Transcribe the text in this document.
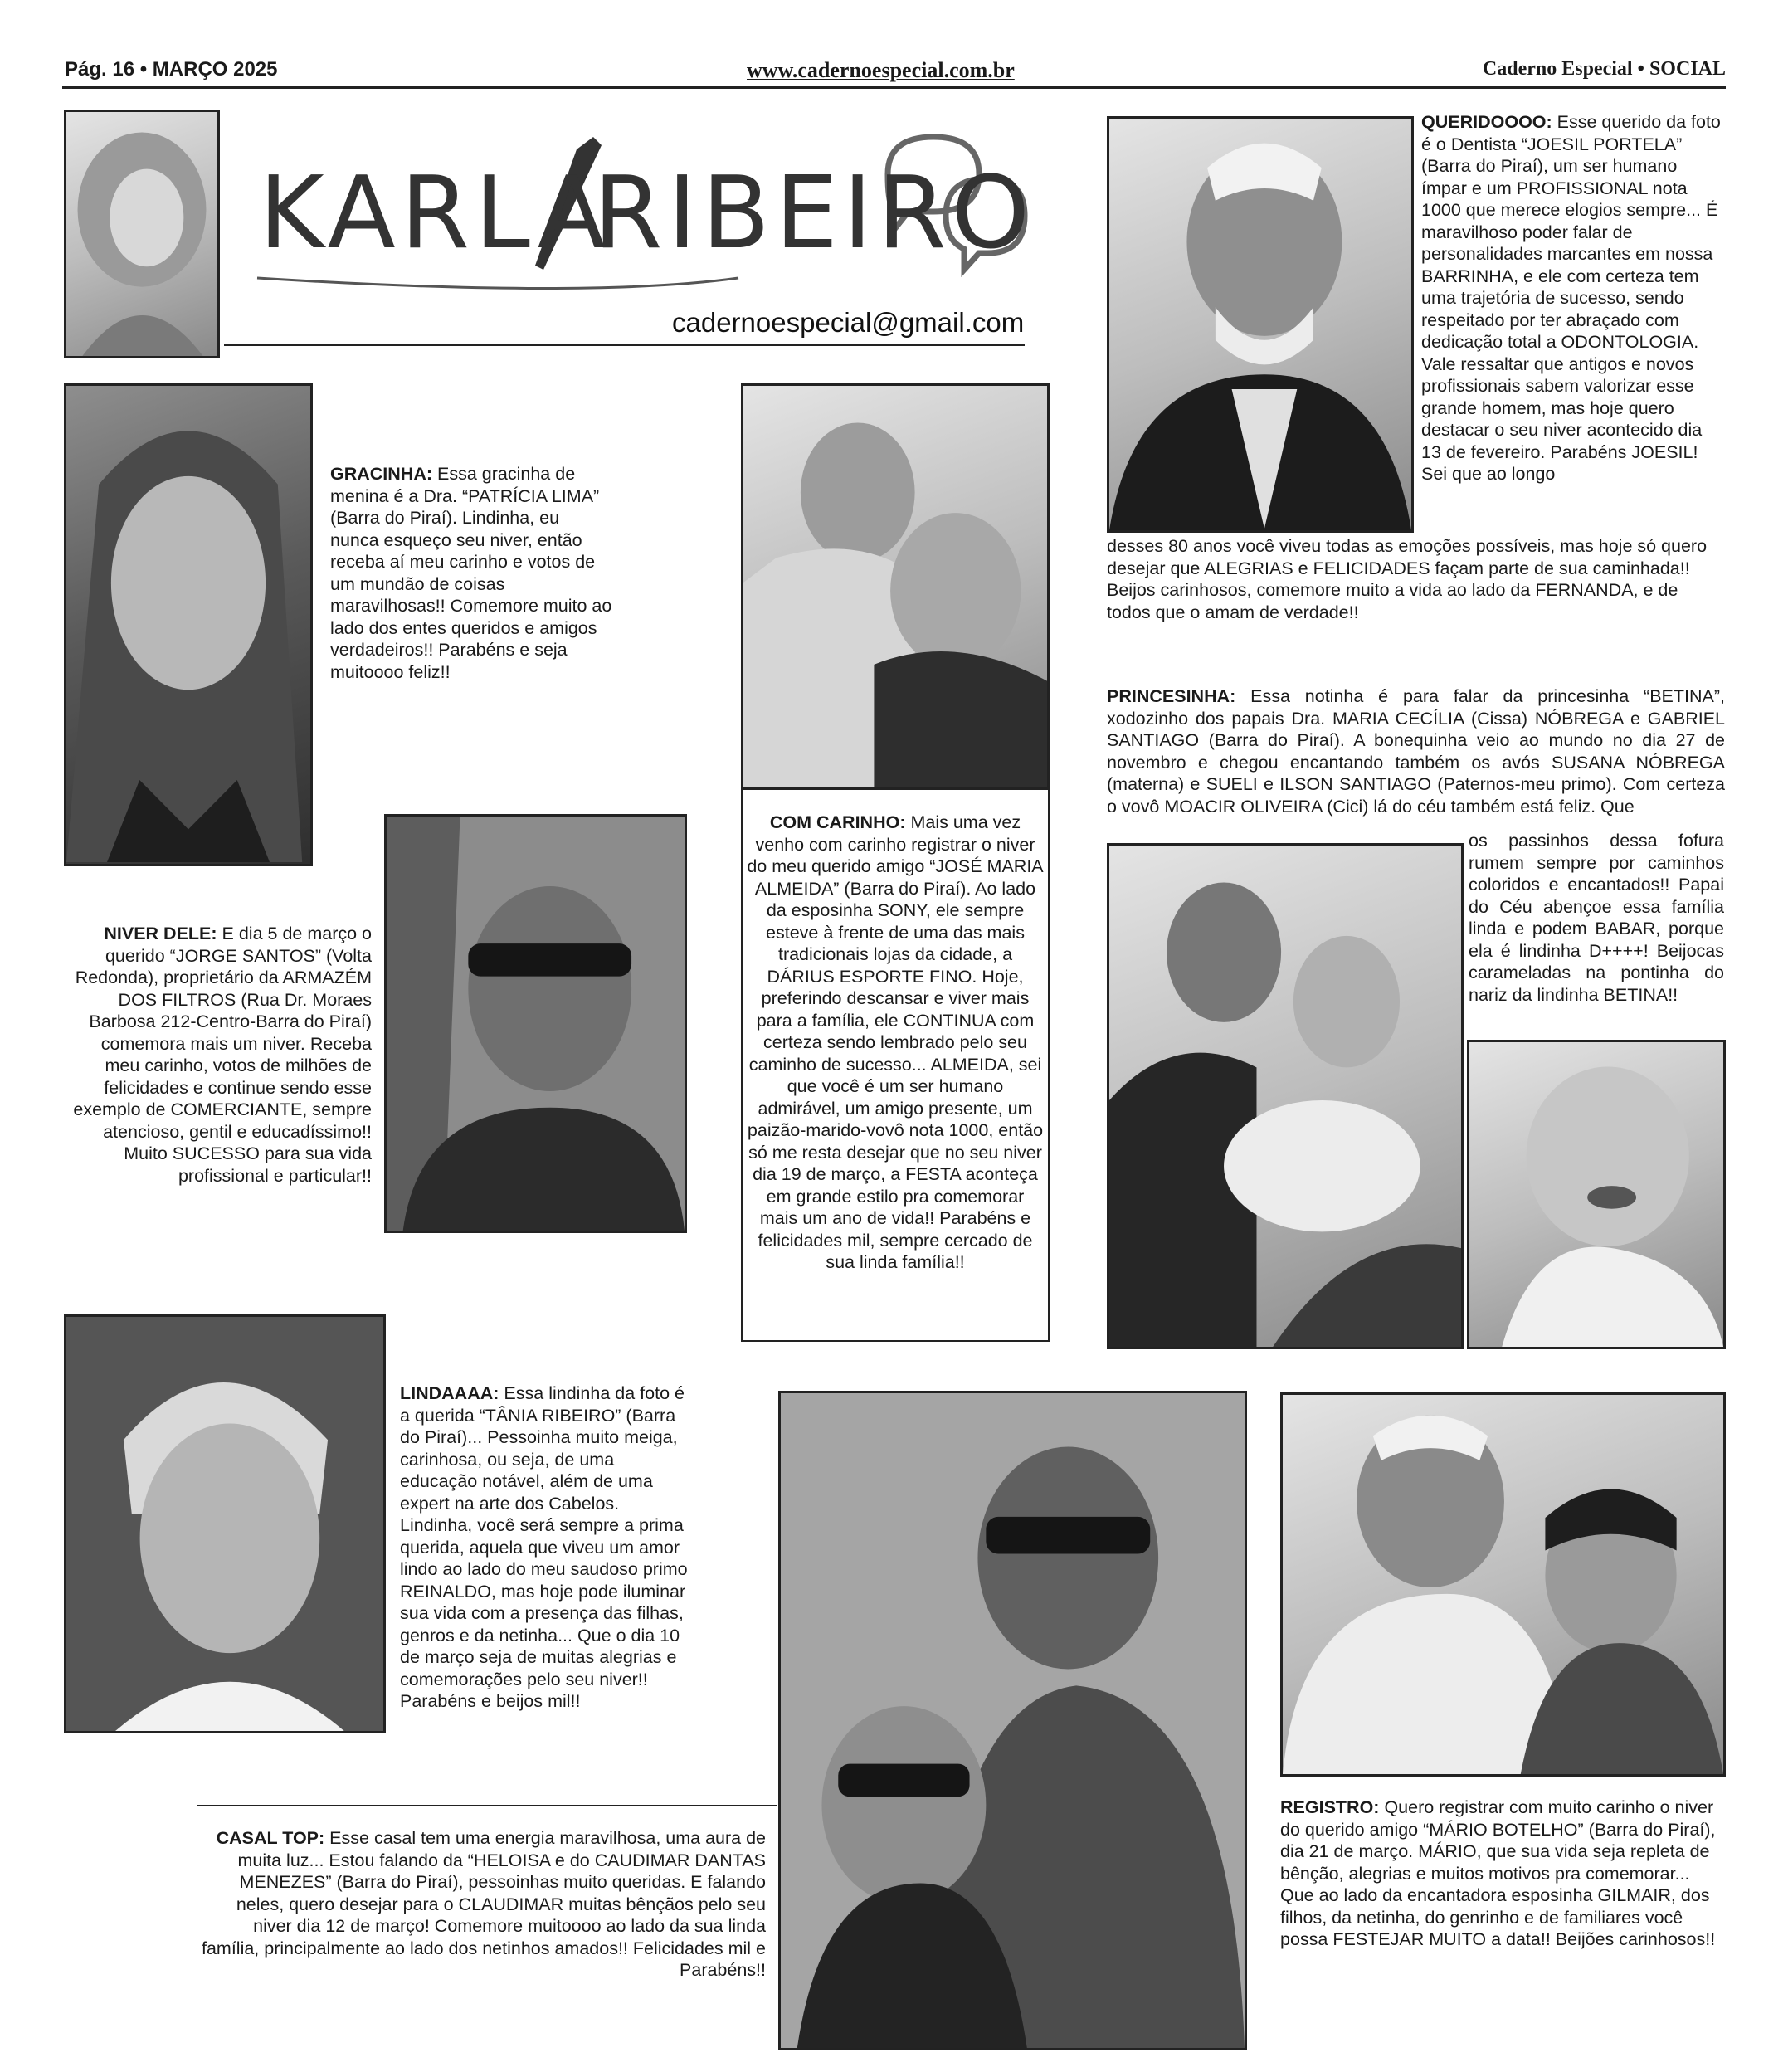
Pág. 16 • MARÇO 2025	www.cadernoespecial.com.br	Caderno Especial • SOCIAL
KARLA
RIBEIRO
cadernoespecial@gmail.com
GRACINHA: Essa gracinha de menina é a Dra. “PATRÍCIA LIMA” (Barra do Piraí). Lindinha, eu nunca esqueço seu niver, então receba aí meu carinho e votos de um mundão de coisas maravilhosas!! Comemore muito ao lado dos entes queridos e amigos verdadeiros!! Parabéns e seja muitoooo feliz!!
NIVER DELE: E dia 5 de março o querido “JORGE SANTOS” (Volta Redonda), proprietário da ARMAZÉM DOS FILTROS (Rua Dr. Moraes Barbosa 212-Centro-Barra do Piraí) comemora mais um niver. Receba meu carinho, votos de milhões de felicidades e continue sendo esse exemplo de COMERCIANTE, sempre atencioso, gentil e educadíssimo!! Muito SUCESSO para sua vida profissional e particular!!
COM CARINHO: Mais uma vez venho com carinho registrar o niver do meu querido amigo “JOSÉ MARIA ALMEIDA” (Barra do Piraí). Ao lado da esposinha SONY, ele sempre esteve à frente de uma das mais tradicionais lojas da cidade, a DÁRIUS ESPORTE FINO. Hoje, preferindo descansar e viver mais para a família, ele CONTINUA com certeza sendo lembrado pelo seu caminho de sucesso... ALMEIDA, sei que você é um ser humano admirável, um amigo presente, um paizão-marido-vovô nota 1000, então só me resta desejar que no seu niver dia 19 de março, a FESTA aconteça em grande estilo pra comemorar mais um ano de vida!! Parabéns e felicidades mil, sempre cercado de sua linda família!!
QUERIDOOOO: Esse querido da foto é o Dentista “JOESIL PORTELA” (Barra do Piraí), um ser humano ímpar e um PROFISSIONAL nota 1000 que merece elogios sempre... É maravilhoso poder falar de personalidades marcantes em nossa BARRINHA, e ele com certeza tem uma trajetória de sucesso, sendo respeitado por ter abraçado com dedicação total a ODONTOLOGIA. Vale ressaltar que antigos e novos profissionais sabem valorizar esse grande homem, mas hoje quero destacar o seu niver acontecido dia 13 de fevereiro. Parabéns JOESIL! Sei que ao longo
desses 80 anos você viveu todas as emoções possíveis, mas hoje só quero desejar que ALEGRIAS e FELICIDADES façam parte de sua caminhada!! Beijos carinhosos, comemore muito a vida ao lado da FERNANDA, e de todos que o amam de verdade!!
PRINCESINHA: Essa notinha é para falar da princesinha “BETINA”, xodozinho dos papais Dra. MARIA CECÍLIA (Cissa) NÓBREGA e GABRIEL SANTIAGO (Barra do Piraí). A bonequinha veio ao mundo no dia 27 de novembro e chegou encantando também os avós SUSANA NÓBREGA (materna) e SUELI e ILSON SANTIAGO (Paternos-meu primo). Com certeza o vovô MOACIR OLIVEIRA (Cici) lá do céu também está feliz. Que
os passinhos dessa fofura rumem sempre por caminhos coloridos e encantados!! Papai do Céu abençoe essa família linda e podem BABAR, porque ela é lindinha D++++! Beijocas carameladas na pontinha do nariz da lindinha BETINA!!
LINDAAAA: Essa lindinha da foto é a querida “TÂNIA RIBEIRO” (Barra do Piraí)... Pessoinha muito meiga, carinhosa, ou seja, de uma educação notável, além de uma expert na arte dos Cabelos. Lindinha, você será sempre a prima querida, aquela que viveu um amor lindo ao lado do meu saudoso primo REINALDO, mas hoje pode iluminar sua vida com a presença das filhas, genros e da netinha... Que o dia 10 de março seja de muitas alegrias e comemorações pelo seu niver!! Parabéns e beijos mil!!
CASAL TOP: Esse casal tem uma energia maravilhosa, uma aura de muita luz... Estou falando da “HELOISA e do CAUDIMAR DANTAS MENEZES” (Barra do Piraí), pessoinhas muito queridas. E falando neles, quero desejar para o CLAUDIMAR muitas bênçãos pelo seu niver dia 12 de março! Comemore muitoooo ao lado da sua linda família, principalmente ao lado dos netinhos amados!! Felicidades mil e Parabéns!!
REGISTRO: Quero registrar com muito carinho o niver do querido amigo “MÁRIO BOTELHO” (Barra do Piraí), dia 21 de março. MÁRIO, que sua vida seja repleta de bênção, alegrias e muitos motivos pra comemorar... Que ao lado da encantadora esposinha GILMAIR, dos filhos, da netinha, do genrinho e de familiares você possa FESTEJAR MUITO a data!! Beijões carinhosos!!
